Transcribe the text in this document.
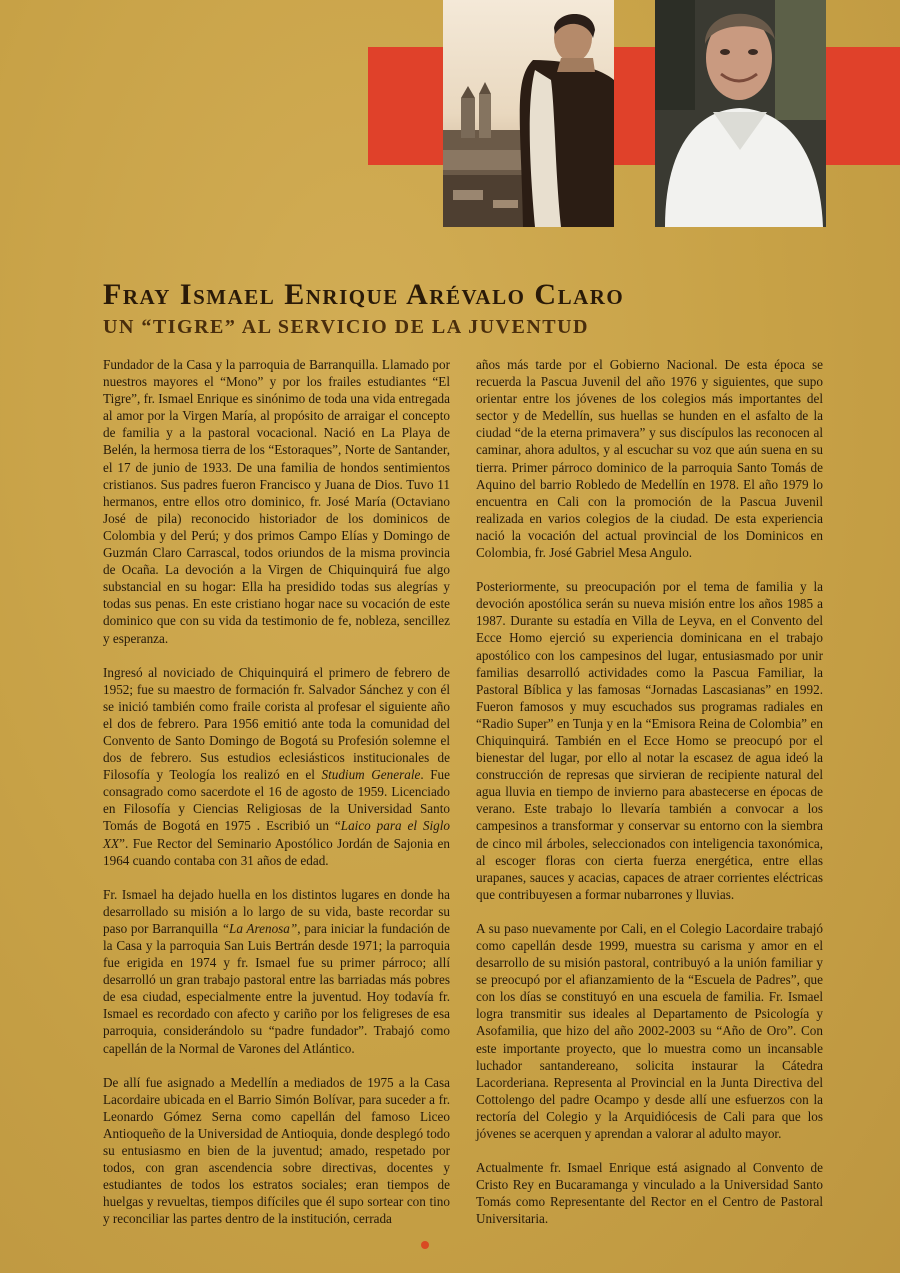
Fray Ismael Enrique Arévalo Claro
UN “TIGRE” AL SERVICIO DE LA JUVENTUD

Fundador de la Casa y la parroquia de Barranquilla. Llamado por nuestros mayores el “Mono” y por los frailes estudiantes “El Tigre”, fr. Ismael Enrique es sinónimo de toda una vida entregada al amor por la Virgen María, al propósito de arraigar el concepto de familia y a la pastoral vocacional. Nació en La Playa de Belén, la hermosa tierra de los “Estoraques”, Norte de Santander, el 17 de junio de 1933. De una familia de hondos sentimientos cristianos. Sus padres fueron Francisco y Juana de Dios. Tuvo 11 hermanos, entre ellos otro dominico, fr. José María (Octaviano José de pila) reconocido historiador de los dominicos de Colombia y del Perú; y dos primos Campo Elías y Domingo de Guzmán Claro Carrascal, todos oriundos de la misma provincia de Ocaña. La devoción a la Virgen de Chiquinquirá fue algo substancial en su hogar: Ella ha presidido todas sus alegrías y todas sus penas. En este cristiano hogar nace su vocación de este dominico que con su vida da testimonio de fe, nobleza, sencillez y esperanza.

Ingresó al noviciado de Chiquinquirá el primero de febrero de 1952; fue su maestro de formación fr. Salvador Sánchez y con él se inició también como fraile corista al profesar el siguiente año el dos de febrero. Para 1956 emitió ante toda la comunidad del Convento de Santo Domingo de Bogotá su Profesión solemne el dos de febrero. Sus estudios eclesiásticos institucionales de Filosofía y Teología los realizó en el Studium Generale. Fue consagrado como sacerdote el 16 de agosto de 1959. Licenciado en Filosofía y Ciencias Religiosas de la Universidad Santo Tomás de Bogotá en 1975 . Escribió un “Laico para el Siglo XX”. Fue Rector del Seminario Apostólico Jordán de Sajonia en 1964 cuando contaba con 31 años de edad.

Fr. Ismael ha dejado huella en los distintos lugares en donde ha desarrollado su misión a lo largo de su vida, baste recordar su paso por Barranquilla “La Arenosa”, para iniciar la fundación de la Casa y la parroquia San Luis Bertrán desde 1971; la parroquia fue erigida en 1974 y fr. Ismael fue su primer párroco; allí desarrolló un gran trabajo pastoral entre las barriadas más pobres de esa ciudad, especialmente entre la juventud. Hoy todavía fr. Ismael es recordado con afecto y cariño por los feligreses de esa parroquia, considerándolo su “padre fundador”. Trabajó como capellán de la Normal de Varones del Atlántico.

De allí fue asignado a Medellín a mediados de 1975 a la Casa Lacordaire ubicada en el Barrio Simón Bolívar, para suceder a fr. Leonardo Gómez Serna como capellán del famoso Liceo Antioqueño de la Universidad de Antioquia, donde desplegó todo su entusiasmo en bien de la juventud; amado, respetado por todos, con gran ascendencia sobre directivas, docentes y estudiantes de todos los estratos sociales; eran tiempos de huelgas y revueltas, tiempos difíciles que él supo sortear con tino y reconciliar las partes dentro de la institución, cerrada

años más tarde por el Gobierno Nacional. De esta época se recuerda la Pascua Juvenil del año 1976 y siguientes, que supo orientar entre los jóvenes de los colegios más importantes del sector y de Medellín, sus huellas se hunden en el asfalto de la ciudad “de la eterna primavera” y sus discípulos las reconocen al caminar, ahora adultos, y al escuchar su voz que aún suena en su tierra. Primer párroco dominico de la parroquia Santo Tomás de Aquino del barrio Robledo de Medellín en 1978. El año 1979 lo encuentra en Cali con la promoción de la Pascua Juvenil realizada en varios colegios de la ciudad. De esta experiencia nació la vocación del actual provincial de los Dominicos en Colombia, fr. José Gabriel Mesa Angulo.

Posteriormente, su preocupación por el tema de familia y la devoción apostólica serán su nueva misión entre los años 1985 a 1987. Durante su estadía en Villa de Leyva, en el Convento del Ecce Homo ejerció su experiencia dominicana en el trabajo apostólico con los campesinos del lugar, entusiasmado por unir familias desarrolló actividades como la Pascua Familiar, la Pastoral Bíblica y las famosas “Jornadas Lascasianas” en 1992. Fueron famosos y muy escuchados sus programas radiales en “Radio Super” en Tunja y en la “Emisora Reina de Colombia” en Chiquinquirá. También en el Ecce Homo se preocupó por el bienestar del lugar, por ello al notar la escasez de agua ideó la construcción de represas que sirvieran de recipiente natural del agua lluvia en tiempo de invierno para abastecerse en épocas de verano. Este trabajo lo llevaría también a convocar a los campesinos a transformar y conservar su entorno con la siembra de cinco mil árboles, seleccionados con inteligencia taxonómica, al escoger floras con cierta fuerza energética, entre ellas urapanes, sauces y acacias, capaces de atraer corrientes eléctricas que contribuyesen a formar nubarrones y lluvias.

A su paso nuevamente por Cali, en el Colegio Lacordaire trabajó como capellán desde 1999, muestra su carisma y amor en el desarrollo de su misión pastoral, contribuyó a la unión familiar y se preocupó por el afianzamiento de la “Escuela de Padres”, que con los días se constituyó en una escuela de familia. Fr. Ismael logra transmitir sus ideales al Departamento de Psicología y Asofamilia, que hizo del año 2002-2003 su “Año de Oro”. Con este importante proyecto, que lo muestra como un incansable luchador santandereano, solicita instaurar la Cátedra Lacorderiana. Representa al Provincial en la Junta Directiva del Cottolengo del padre Ocampo y desde allí une esfuerzos con la rectoría del Colegio y la Arquidiócesis de Cali para que los jóvenes se acerquen y aprendan a valorar al adulto mayor.

Actualmente fr. Ismael Enrique está asignado al Convento de Cristo Rey en Bucaramanga y vinculado a la Universidad Santo Tomás como Representante del Rector en el Centro de Pastoral Universitaria.
